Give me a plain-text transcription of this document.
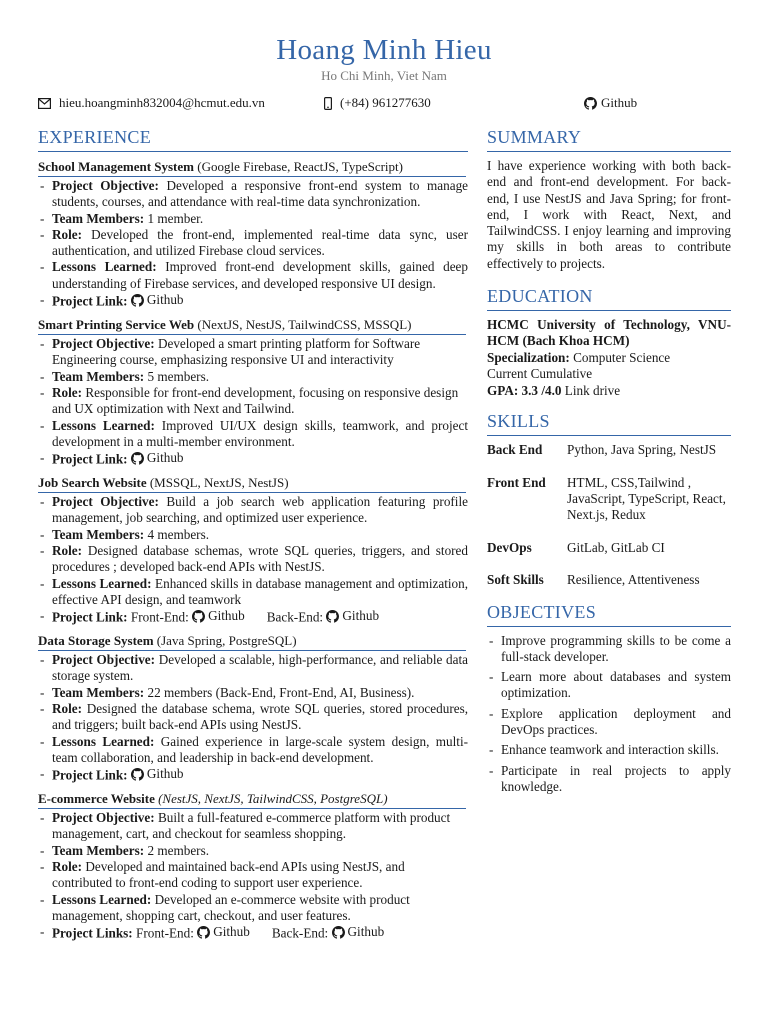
Hoang Minh Hieu
Ho Chi Minh, Viet Nam
hieu.hoangminh832004@hcmut.edu.vn	(+84) 961277630	Github
EXPERIENCE
School Management System (Google Firebase, ReactJS, TypeScript)
- Project Objective: Developed a responsive front-end system to manage students, courses, and attendance with real-time data synchronization.
- Team Members: 1 member.
- Role: Developed the front-end, implemented real-time data sync, user authentication, and utilized Firebase cloud services.
- Lessons Learned: Improved front-end development skills, gained deep understanding of Firebase services, and developed responsive UI design.
- Project Link: Github
Smart Printing Service Web (NextJS, NestJS, TailwindCSS, MSSQL)
- Project Objective: Developed a smart printing platform for Software Engineering course, emphasizing responsive UI and interactivity
- Team Members: 5 members.
- Role: Responsible for front-end development, focusing on responsive design and UX optimization with Next and Tailwind.
- Lessons Learned: Improved UI/UX design skills, teamwork, and project development in a multi-member environment.
- Project Link: Github
Job Search Website (MSSQL, NextJS, NestJS)
- Project Objective: Build a job search web application featuring profile management, job searching, and optimized user experience.
- Team Members: 4 members.
- Role: Designed database schemas, wrote SQL queries, triggers, and stored procedures ; developed back-end APIs with NestJS.
- Lessons Learned: Enhanced skills in database management and optimization, effective API design, and teamwork
- Project Link: Front-End: Github Back-End: Github
Data Storage System (Java Spring, PostgreSQL)
- Project Objective: Developed a scalable, high-performance, and reliable data storage system.
- Team Members: 22 members (Back-End, Front-End, AI, Business).
- Role: Designed the database schema, wrote SQL queries, stored procedures, and triggers; built back-end APIs using NestJS.
- Lessons Learned: Gained experience in large-scale system design, multi-team collaboration, and leadership in back-end development.
- Project Link: Github
E-commerce Website (NestJS, NextJS, TailwindCSS, PostgreSQL)
- Project Objective: Built a full-featured e-commerce platform with product management, cart, and checkout for seamless shopping.
- Team Members: 2 members.
- Role: Developed and maintained back-end APIs using NestJS, and contributed to front-end coding to support user experience.
- Lessons Learned: Developed an e-commerce website with product management, shopping cart, checkout, and user features.
- Project Links: Front-End: Github Back-End: Github
SUMMARY
I have experience working with both back-end and front-end development. For back-end, I use NestJS and Java Spring; for front-end, I work with React, Next, and TailwindCSS. I enjoy learning and improving my skills in both areas to contribute effectively to projects.
EDUCATION
HCMC University of Technology, VNU-HCM (Bach Khoa HCM)
Specialization: Computer Science
Current Cumulative
GPA: 3.3 /4.0 Link drive
SKILLS
Back End	Python, Java Spring, NestJS
Front End	HTML, CSS,Tailwind , JavaScript, TypeScript, React, Next.js, Redux
DevOps	GitLab, GitLab CI
Soft Skills	Resilience, Attentiveness
OBJECTIVES
- Improve programming skills to be come a full-stack developer.
- Learn more about databases and system optimization.
- Explore application deployment and DevOps practices.
- Enhance teamwork and interaction skills.
- Participate in real projects to apply knowledge.
